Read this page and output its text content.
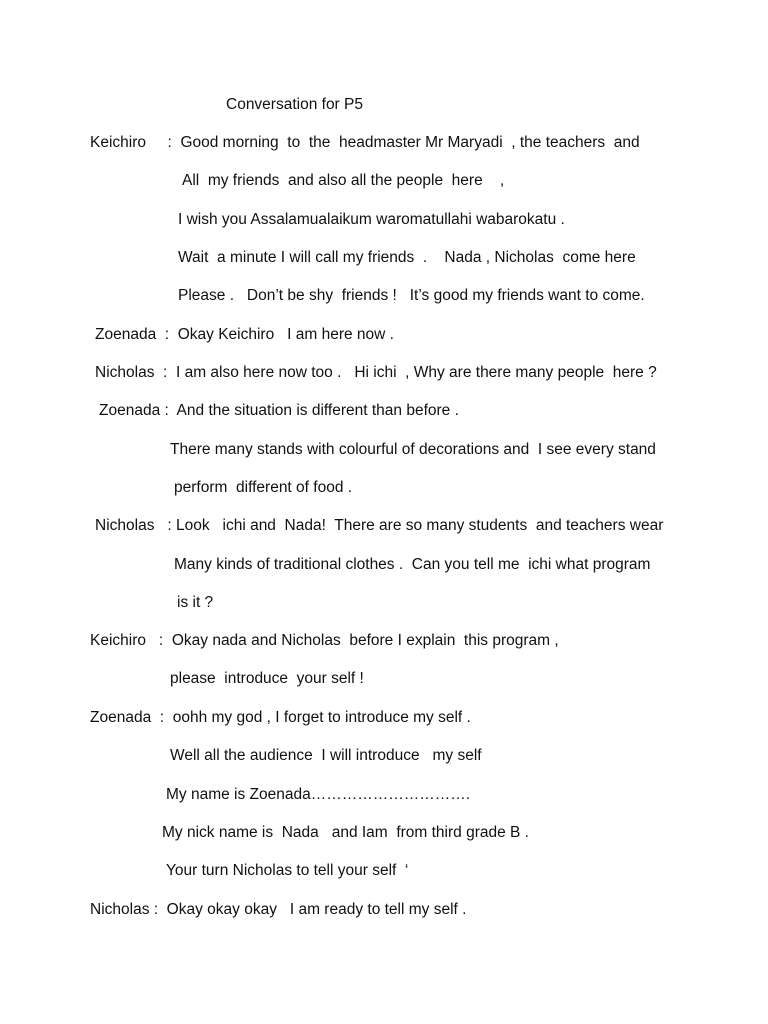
Conversation for P5
Keichiro     :  Good morning  to  the  headmaster Mr Maryadi  , the teachers  and
All  my friends  and also all the people  here    ,
I wish you Assalamualaikum waromatullahi wabarokatu .
Wait  a minute I will call my friends  .    Nada , Nicholas  come here
Please .   Don’t be shy  friends !   It’s good my friends want to come.
Zoenada  :  Okay Keichiro   I am here now .
Nicholas  :  I am also here now too .   Hi ichi  , Why are there many people  here ?
Zoenada :  And the situation is different than before .
There many stands with colourful of decorations and  I see every stand
perform  different of food .
Nicholas   : Look   ichi and  Nada!  There are so many students  and teachers wear
Many kinds of traditional clothes .  Can you tell me  ichi what program
is it ?
Keichiro   :  Okay nada and Nicholas  before I explain  this program ,
please  introduce  your self !
Zoenada  :  oohh my god , I forget to introduce my self .
Well all the audience  I will introduce   my self
My name is Zoenada………………………….
My nick name is  Nada   and Iam  from third grade B .
Your turn Nicholas to tell your self  ‘
Nicholas :  Okay okay okay   I am ready to tell my self .
